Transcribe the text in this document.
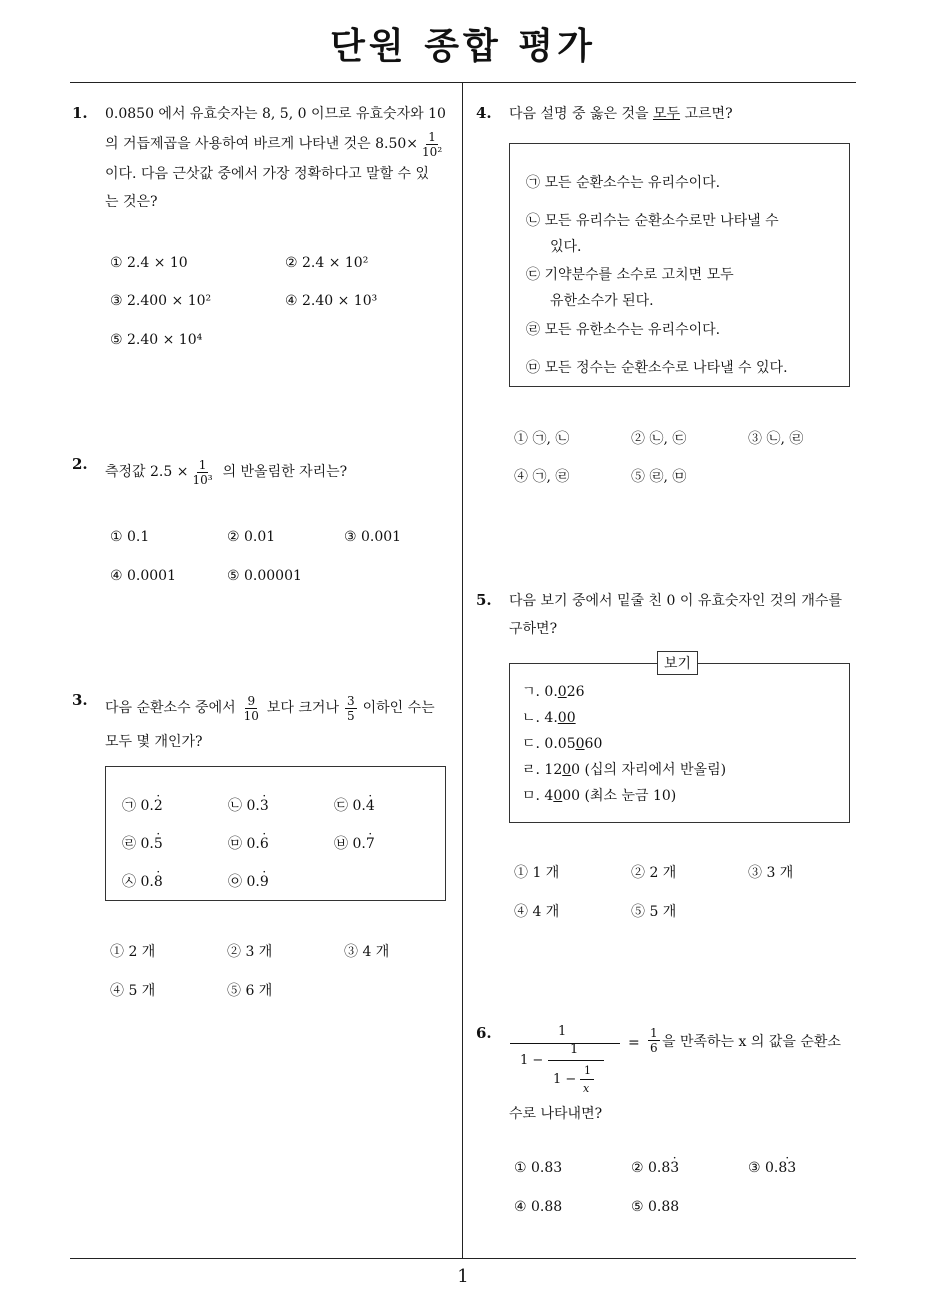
단원 종합 평가
1
1. 0.0850 에서 유효숫자는 8, 5, 0 이므로 유효숫자와 10
의 거듭제곱을 사용하여 바르게 나타낸 것은 $8.50\times \frac{1}{\text{10²}}$
이다. 다음 근삿값 중에서 가장 정확하다고 말할 수 있
는 것은?
① 2.4 × 10	② 2.4 × 10²
③ 2.400 × 10²	④ 2.40 × 10³
⑤ 2.40 × 10⁴
2. 측정값 $2.5 \times \frac{1}{\text{10³}}$ 의 반올림한 자리는?
① 0.1	② 0.01	③ 0.001
④ 0.0001	⑤ 0.00001
3. 다음 순환소수 중에서 $\frac{9}{10}$ 보다 크거나 $\frac{3}{5}$ 이하인 수는
모두 몇 개인가?
㉠ 0.2 ·	㉡ 0.3 ·	㉢ 0.4 ·
㉣ 0.5 ·	㉤ 0.6 ·	㉥ 0.7 ·
㉦ 0.8 ·	㉧ 0.9 ·
① 2 개	② 3 개	③ 4 개
④ 5 개	⑤ 6 개
4. 다음 설명 중 옳은 것을 모두 고르면?
㉠ 모든 순환소수는 유리수이다.
㉡ 모든 유리수는 순환소수로만 나타낼 수
있다.
㉢ 기약분수를 소수로 고치면 모두
유한소수가 된다.
㉣ 모든 유한소수는 유리수이다.
㉤ 모든 정수는 순환소수로 나타낼 수 있다.
① ㉠, ㉡	② ㉡, ㉢	③ ㉡, ㉣
④ ㉠, ㉣	⑤ ㉣, ㉤
5. 다음 보기 중에서 밑줄 친 0 이 유효숫자인 것의 개수를
구하면?
ㄱ. 0.026
ㄴ. 4.00
ㄷ. 0.05060
ㄹ. 1200 (십의 자리에서 반올림)
ㅁ. 4000 (최소 눈금 10)
보기
① 1 개	② 2 개	③ 3 개
④ 4 개	⑤ 5 개
6.	1
1 −
1
1 −
1
x
= $\frac{1}{6}$ 을 만족하는 x 의 값을 순환소
수로 나타내면?
① 0.83	② 0.83 ·	③ 0.83 ·
④ 0.88	⑤ 0.88
